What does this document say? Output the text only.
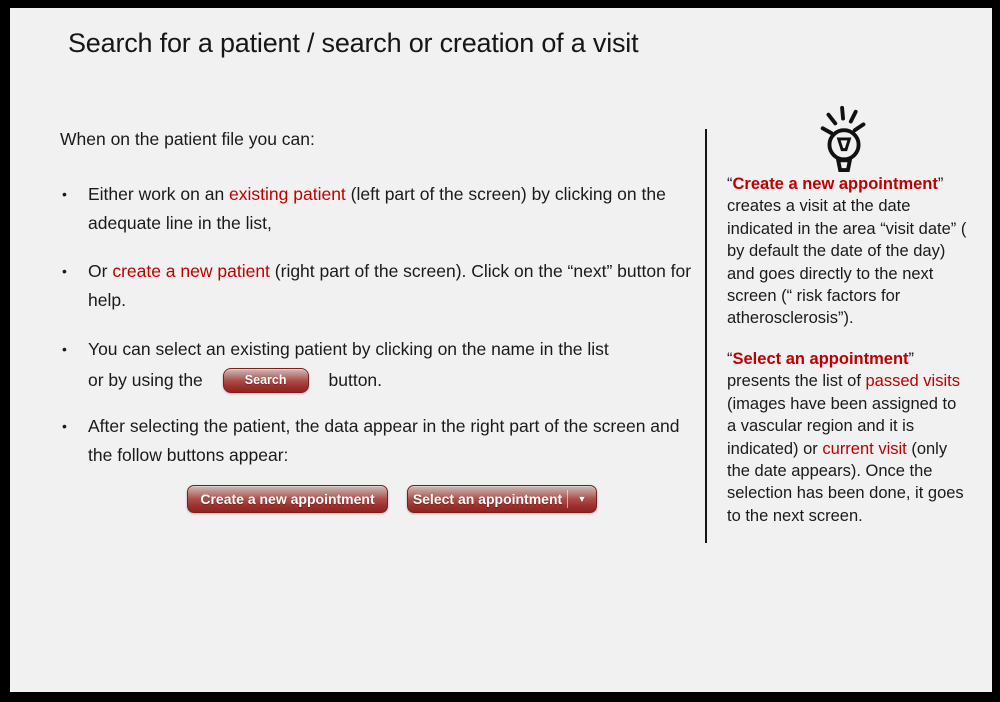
Search for a patient / search or creation of a visit
When on the patient file you can:
•	Either work on an existing patient (left part of the screen) by clicking on the adequate line in the list,
•	Or create a new patient (right part of the screen). Click on the “next” button for help.
•	You can select an existing patient by clicking on the name in the list
or by using the	Search	button.
•	After selecting the patient, the data appear in the right part of the screen and the follow buttons appear:
Create a new appointment	Select an appointment	▼
“Create a new appointment” creates a visit at the date indicated in the area “visit date” ( by default the date of the day) and goes directly to the next screen (“ risk factors for atherosclerosis”).
“Select an appointment” presents the list of passed visits (images have been assigned to a vascular region and it is indicated) or current visit (only the date appears). Once the selection has been done, it goes to the next screen.
